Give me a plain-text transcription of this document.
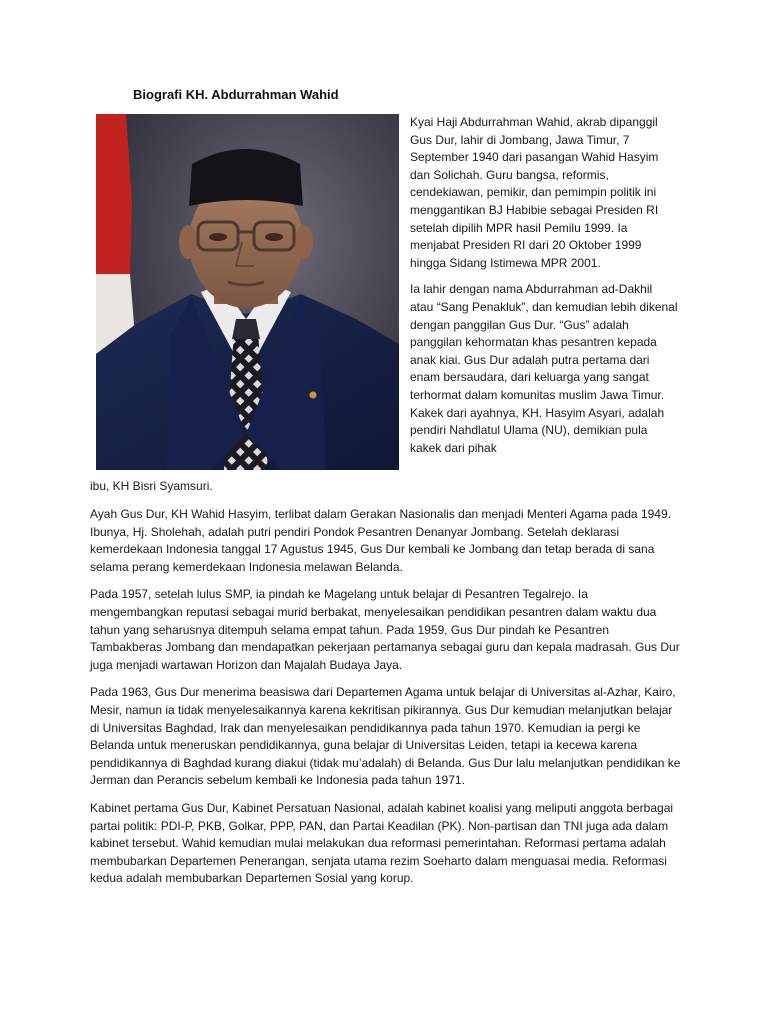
Biografi KH. Abdurrahman Wahid

Kyai Haji Abdurrahman Wahid, akrab dipanggil Gus Dur, lahir di Jombang, Jawa Timur, 7 September 1940 dari pasangan Wahid Hasyim dan Solichah. Guru bangsa, reformis, cendekiawan, pemikir, dan pemimpin politik ini menggantikan BJ Habibie sebagai Presiden RI setelah dipilih MPR hasil Pemilu 1999. Ia menjabat Presiden RI dari 20 Oktober 1999 hingga Sidang Istimewa MPR 2001.

Ia lahir dengan nama Abdurrahman ad-Dakhil atau “Sang Penakluk”, dan kemudian lebih dikenal dengan panggilan Gus Dur. “Gus” adalah panggilan kehormatan khas pesantren kepada anak kiai. Gus Dur adalah putra pertama dari enam bersaudara, dari keluarga yang sangat terhormat dalam komunitas muslim Jawa Timur. Kakek dari ayahnya, KH. Hasyim Asyari, adalah pendiri Nahdlatul Ulama (NU), demikian pula kakek dari pihak

ibu, KH Bisri Syamsuri.

Ayah Gus Dur, KH Wahid Hasyim, terlibat dalam Gerakan Nasionalis dan menjadi Menteri Agama pada 1949. Ibunya, Hj. Sholehah, adalah putri pendiri Pondok Pesantren Denanyar Jombang. Setelah deklarasi kemerdekaan Indonesia tanggal 17 Agustus 1945, Gus Dur kembali ke Jombang dan tetap berada di sana selama perang kemerdekaan Indonesia melawan Belanda.

Pada 1957, setelah lulus SMP, ia pindah ke Magelang untuk belajar di Pesantren Tegalrejo. Ia mengembangkan reputasi sebagai murid berbakat, menyelesaikan pendidikan pesantren dalam waktu dua tahun yang seharusnya ditempuh selama empat tahun. Pada 1959, Gus Dur pindah ke Pesantren Tambakberas Jombang dan mendapatkan pekerjaan pertamanya sebagai guru dan kepala madrasah. Gus Dur juga menjadi wartawan Horizon dan Majalah Budaya Jaya.

Pada 1963, Gus Dur menerima beasiswa dari Departemen Agama untuk belajar di Universitas al-Azhar, Kairo, Mesir, namun ia tidak menyelesaikannya karena kekritisan pikirannya. Gus Dur kemudian melanjutkan belajar di Universitas Baghdad, Irak dan menyelesaikan pendidikannya pada tahun 1970. Kemudian ia pergi ke Belanda untuk meneruskan pendidikannya, guna belajar di Universitas Leiden, tetapi ia kecewa karena pendidikannya di Baghdad kurang diakui (tidak mu’adalah) di Belanda. Gus Dur lalu melanjutkan pendidikan ke Jerman dan Perancis sebelum kembali ke Indonesia pada tahun 1971.

Kabinet pertama Gus Dur, Kabinet Persatuan Nasional, adalah kabinet koalisi yang meliputi anggota berbagai partai politik: PDI-P, PKB, Golkar, PPP, PAN, dan Partai Keadilan (PK). Non-partisan dan TNI juga ada dalam kabinet tersebut. Wahid kemudian mulai melakukan dua reformasi pemerintahan. Reformasi pertama adalah membubarkan Departemen Penerangan, senjata utama rezim Soeharto dalam menguasai media. Reformasi kedua adalah membubarkan Departemen Sosial yang korup.
